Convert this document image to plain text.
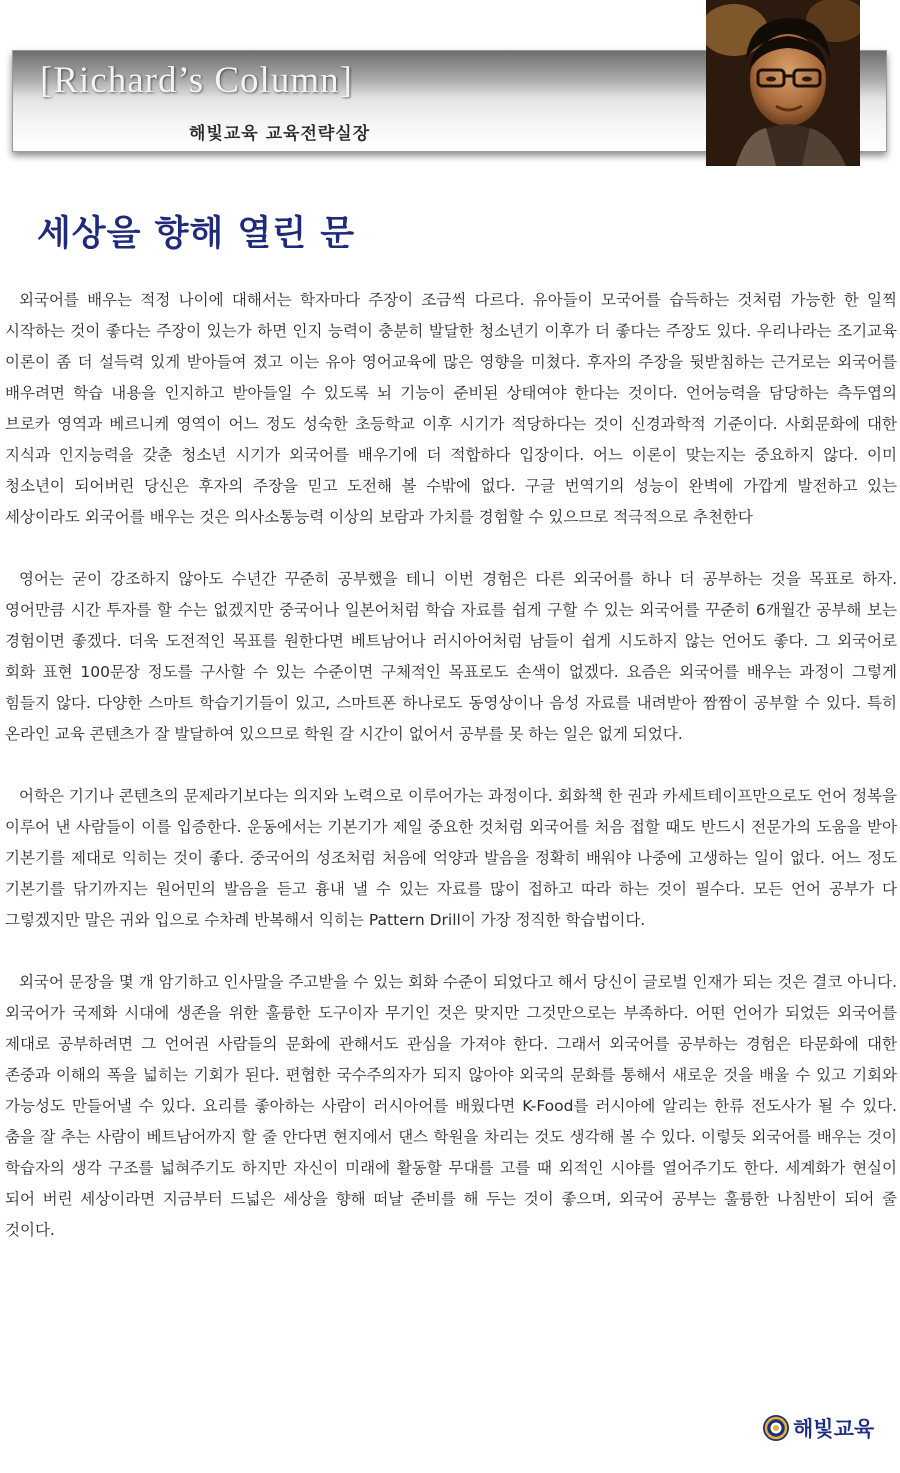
[Richard’s Column]
해빛교육 교육전략실장
세상을 향해 열린 문

외국어를 배우는 적정 나이에 대해서는 학자마다 주장이 조금씩 다르다. 유아들이 모국어를 습득하는 것처럼 가능한 한 일찍 시작하는 것이 좋다는 주장이 있는가 하면 인지 능력이 충분히 발달한 청소년기 이후가 더 좋다는 주장도 있다. 우리나라는 조기교육 이론이 좀 더 설득력 있게 받아들여 졌고 이는 유아 영어교육에 많은 영향을 미쳤다. 후자의 주장을 뒷받침하는 근거로는 외국어를 배우려면 학습 내용을 인지하고 받아들일 수 있도록 뇌 기능이 준비된 상태여야 한다는 것이다. 언어능력을 담당하는 측두엽의 브로카 영역과 베르니케 영역이 어느 정도 성숙한 초등학교 이후 시기가 적당하다는 것이 신경과학적 기준이다. 사회문화에 대한 지식과 인지능력을 갖춘 청소년 시기가 외국어를 배우기에 더 적합하다 입장이다. 어느 이론이 맞는지는 중요하지 않다. 이미 청소년이 되어버린 당신은 후자의 주장을 믿고 도전해 볼 수밖에 없다. 구글 번역기의 성능이 완벽에 가깝게 발전하고 있는 세상이라도 외국어를 배우는 것은 의사소통능력 이상의 보람과 가치를 경험할 수 있으므로 적극적으로 추천한다

영어는 굳이 강조하지 않아도 수년간 꾸준히 공부했을 테니 이번 경험은 다른 외국어를 하나 더 공부하는 것을 목표로 하자. 영어만큼 시간 투자를 할 수는 없겠지만 중국어나 일본어처럼 학습 자료를 쉽게 구할 수 있는 외국어를 꾸준히 6개월간 공부해 보는 경험이면 좋겠다. 더욱 도전적인 목표를 원한다면 베트남어나 러시아어처럼 남들이 쉽게 시도하지 않는 언어도 좋다. 그 외국어로 회화 표현 100문장 정도를 구사할 수 있는 수준이면 구체적인 목표로도 손색이 없겠다. 요즘은 외국어를 배우는 과정이 그렇게 힘들지 않다. 다양한 스마트 학습기기들이 있고, 스마트폰 하나로도 동영상이나 음성 자료를 내려받아 짬짬이 공부할 수 있다. 특히 온라인 교육 콘텐츠가 잘 발달하여 있으므로 학원 갈 시간이 없어서 공부를 못 하는 일은 없게 되었다.

어학은 기기나 콘텐츠의 문제라기보다는 의지와 노력으로 이루어가는 과정이다. 회화책 한 권과 카세트테이프만으로도 언어 정복을 이루어 낸 사람들이 이를 입증한다. 운동에서는 기본기가 제일 중요한 것처럼 외국어를 처음 접할 때도 반드시 전문가의 도움을 받아 기본기를 제대로 익히는 것이 좋다. 중국어의 성조처럼 처음에 억양과 발음을 정확히 배워야 나중에 고생하는 일이 없다. 어느 정도 기본기를 닦기까지는 원어민의 발음을 듣고 흉내 낼 수 있는 자료를 많이 접하고 따라 하는 것이 필수다. 모든 언어 공부가 다 그렇겠지만 말은 귀와 입으로 수차례 반복해서 익히는 Pattern Drill이 가장 정직한 학습법이다.

외국어 문장을 몇 개 암기하고 인사말을 주고받을 수 있는 회화 수준이 되었다고 해서 당신이 글로벌 인재가 되는 것은 결코 아니다. 외국어가 국제화 시대에 생존을 위한 훌륭한 도구이자 무기인 것은 맞지만 그것만으로는 부족하다. 어떤 언어가 되었든 외국어를 제대로 공부하려면 그 언어권 사람들의 문화에 관해서도 관심을 가져야 한다. 그래서 외국어를 공부하는 경험은 타문화에 대한 존중과 이해의 폭을 넓히는 기회가 된다. 편협한 국수주의자가 되지 않아야 외국의 문화를 통해서 새로운 것을 배울 수 있고 기회와 가능성도 만들어낼 수 있다. 요리를 좋아하는 사람이 러시아어를 배웠다면 K-Food를 러시아에 알리는 한류 전도사가 될 수 있다. 춤을 잘 추는 사람이 베트남어까지 할 줄 안다면 현지에서 댄스 학원을 차리는 것도 생각해 볼 수 있다. 이렇듯 외국어를 배우는 것이 학습자의 생각 구조를 넓혀주기도 하지만 자신이 미래에 활동할 무대를 고를 때 외적인 시야를 열어주기도 한다. 세계화가 현실이 되어 버린 세상이라면 지금부터 드넓은 세상을 향해 떠날 준비를 해 두는 것이 좋으며, 외국어 공부는 훌륭한 나침반이 되어 줄 것이다.

해빛교육
